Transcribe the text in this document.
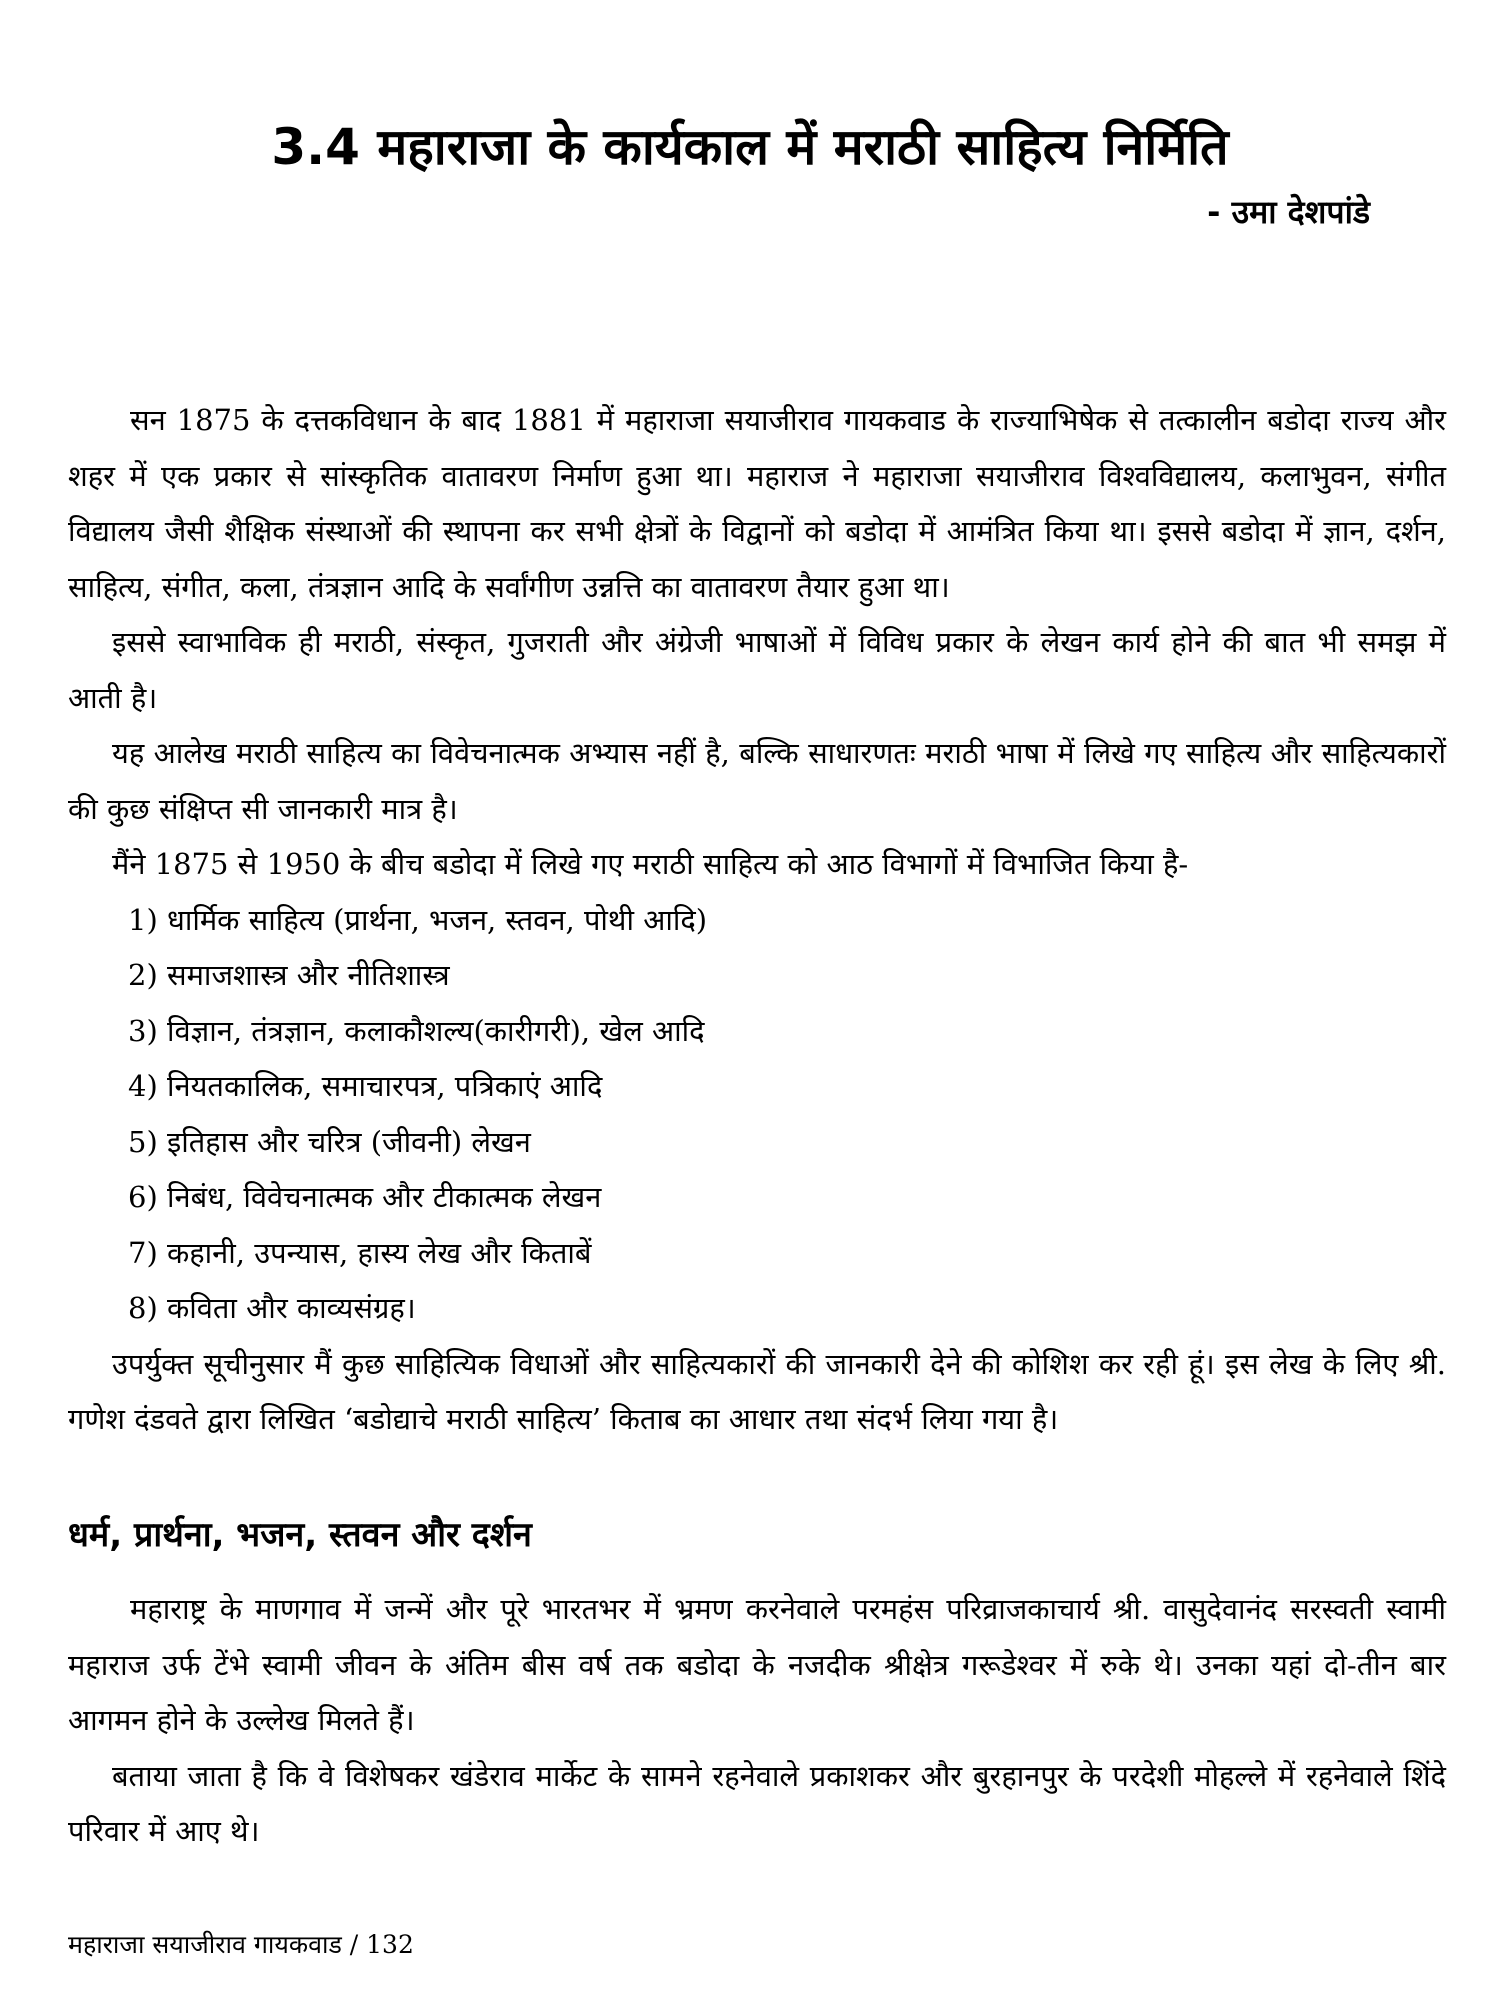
3.4 महाराजा के कार्यकाल में मराठी साहित्य निर्मिति
- उमा देशपांडे

सन 1875 के दत्तकविधान के बाद 1881 में महाराजा सयाजीराव गायकवाड के राज्याभिषेक से तत्कालीन बडोदा राज्य और शहर में एक प्रकार से सांस्कृतिक वातावरण निर्माण हुआ था। महाराज ने महाराजा सयाजीराव विश्वविद्यालय, कलाभुवन, संगीत विद्यालय जैसी शैक्षिक संस्थाओं की स्थापना कर सभी क्षेत्रों के विद्वानों को बडोदा में आमंत्रित किया था। इससे बडोदा में ज्ञान, दर्शन, साहित्य, संगीत, कला, तंत्रज्ञान आदि के सर्वांगीण उन्नत्ति का वातावरण तैयार हुआ था।

इससे स्वाभाविक ही मराठी, संस्कृत, गुजराती और अंग्रेजी भाषाओं में विविध प्रकार के लेखन कार्य होने की बात भी समझ में आती है।

यह आलेख मराठी साहित्य का विवेचनात्मक अभ्यास नहीं है, बल्कि साधारणतः मराठी भाषा में लिखे गए साहित्य और साहित्यकारों की कुछ संक्षिप्त सी जानकारी मात्र है।

मैंने 1875 से 1950 के बीच बडोदा में लिखे गए मराठी साहित्य को आठ विभागों में विभाजित किया है-

1) धार्मिक साहित्य (प्रार्थना, भजन, स्तवन, पोथी आदि)
2) समाजशास्त्र और नीतिशास्त्र
3) विज्ञान, तंत्रज्ञान, कलाकौशल्य(कारीगरी), खेल आदि
4) नियतकालिक, समाचारपत्र, पत्रिकाएं आदि
5) इतिहास और चरित्र (जीवनी) लेखन
6) निबंध, विवेचनात्मक और टीकात्मक लेखन
7) कहानी, उपन्यास, हास्य लेख और किताबें
8) कविता और काव्यसंग्रह।

उपर्युक्त सूचीनुसार मैं कुछ साहित्यिक विधाओं और साहित्यकारों की जानकारी देने की कोशिश कर रही हूं। इस लेख के लिए श्री. गणेश दंडवते द्वारा लिखित ‘बडोद्याचे मराठी साहित्य’ किताब का आधार तथा संदर्भ लिया गया है।

धर्म, प्रार्थना, भजन, स्तवन और दर्शन

महाराष्ट्र के माणगाव में जन्में और पूरे भारतभर में भ्रमण करनेवाले परमहंस परिव्राजकाचार्य श्री. वासुदेवानंद सरस्वती स्वामी महाराज उर्फ टेंभे स्वामी जीवन के अंतिम बीस वर्ष तक बडोदा के नजदीक श्रीक्षेत्र गरूडेश्वर में रुके थे। उनका यहां दो-तीन बार आगमन होने के उल्लेख मिलते हैं।

बताया जाता है कि वे विशेषकर खंडेराव मार्केट के सामने रहनेवाले प्रकाशकर और बुरहानपुर के परदेशी मोहल्ले में रहनेवाले शिंदे परिवार में आए थे।

महाराजा सयाजीराव गायकवाड / 132
